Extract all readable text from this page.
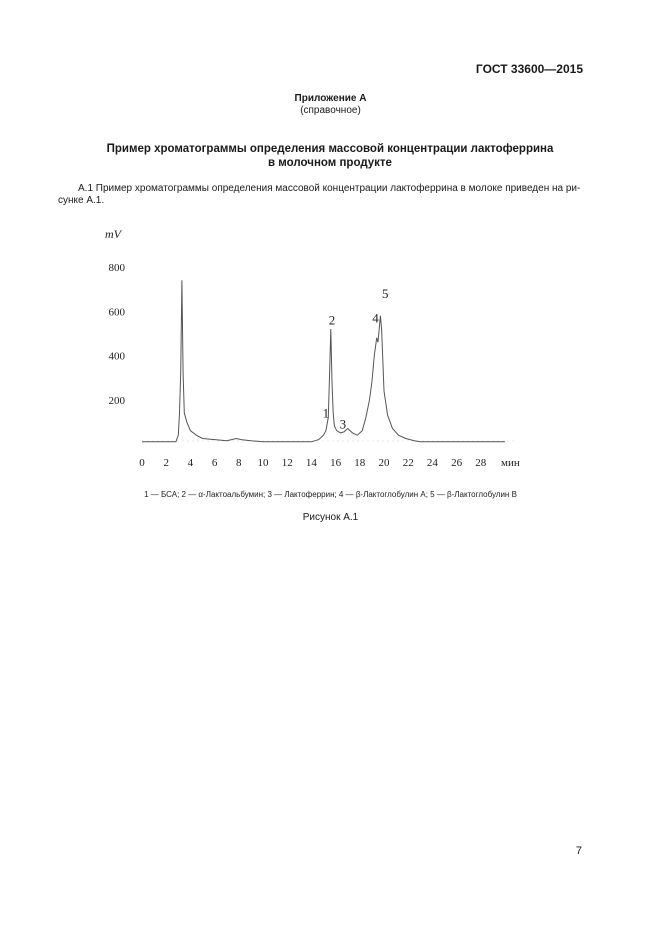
ГОСТ 33600—2015
Приложение А
(справочное)
Пример хроматограммы определения массовой концентрации лактоферрина
в молочном продукте
А.1 Пример хроматограммы определения массовой концентрации лактоферрина в молоке приведен на ри-
сунке А.1.
mV
200
400
600
800
0 2 4 6 8 10 12 14 16 18 20 22 24 26 28 мин
1
2
3
4
5
1 — БСА; 2 — α-Лактоальбумин; 3 — Лактоферрин; 4 — β-Лактоглобулин А; 5 — β-Лактоглобулин В
Рисунок А.1
7
